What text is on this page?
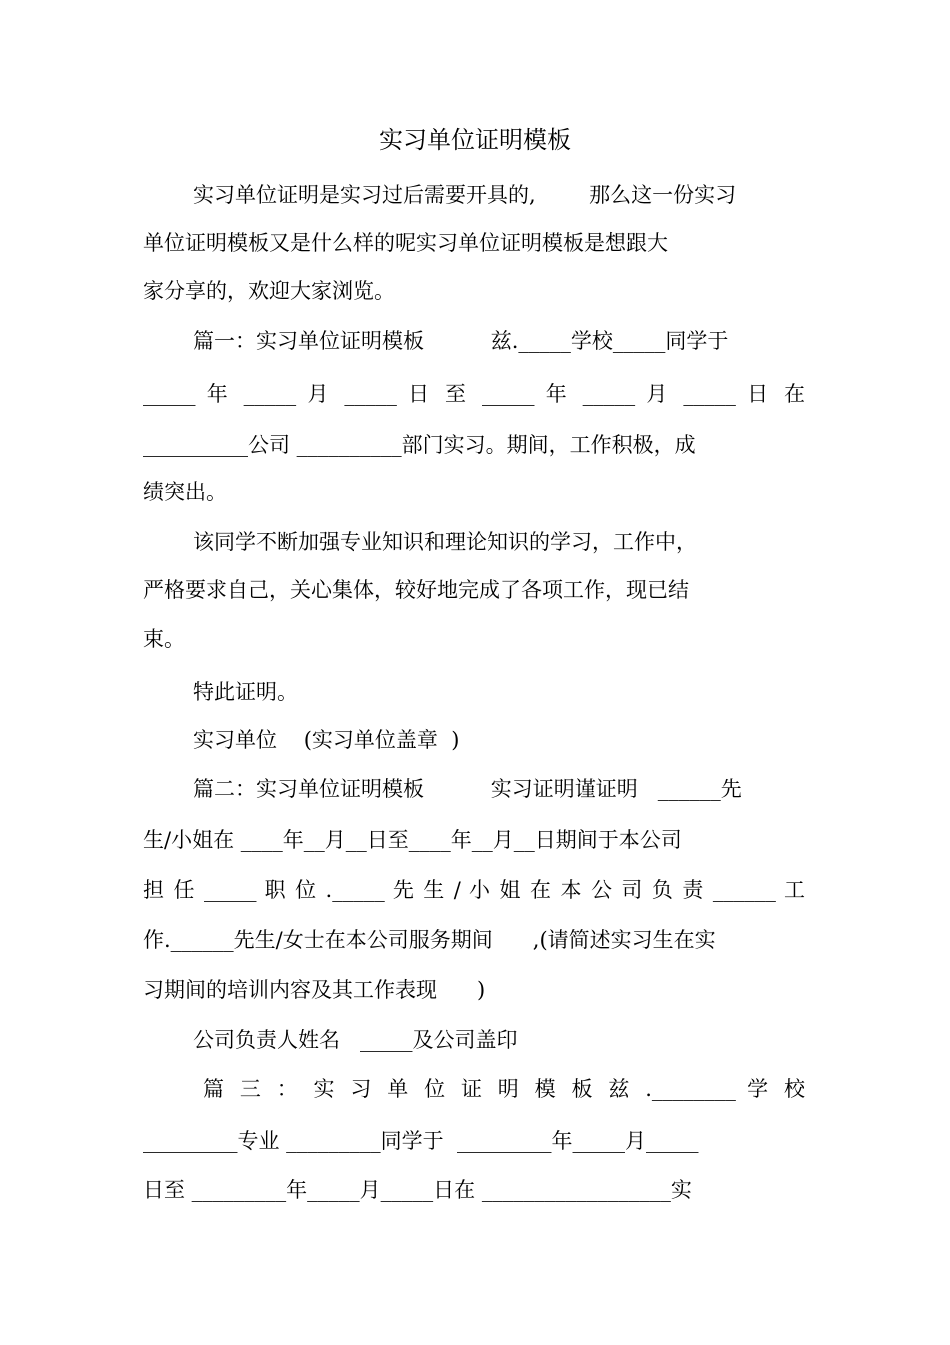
实习单位证明模板
实习单位证明是实习过后需要开具的,        那么这一份实习
单位证明模板又是什么样的呢实习单位证明模板是想跟大
家分享的，欢迎大家浏览。
篇一：实习单位证明模板          兹._____学校_____同学于
_____ 年 _____ 月 _____ 日 至 _____ 年 _____ 月 _____ 日 在
__________公司 __________部门实习。期间，工作积极，成
绩突出。
该同学不断加强专业知识和理论知识的学习，工作中，
严格要求自己，关心集体，较好地完成了各项工作，现已结
束。
特此证明。
实习单位    (实习单位盖章  )
篇二：实习单位证明模板          实习证明谨证明   ______先
生/小姐在 ____年__月__日至____年__月__日期间于本公司
担 任 _____ 职 位 ._____ 先 生 / 小 姐 在 本 公 司 负 责 ______ 工
作.______先生/女士在本公司服务期间      ,(请简述实习生在实
习期间的培训内容及其工作表现      )
公司负责人姓名   _____及公司盖印
篇 三 ： 实 习 单 位 证 明 模 板 兹 .________ 学 校
_________专业 _________同学于  _________年_____月_____
日至 _________年_____月_____日在 __________________实
